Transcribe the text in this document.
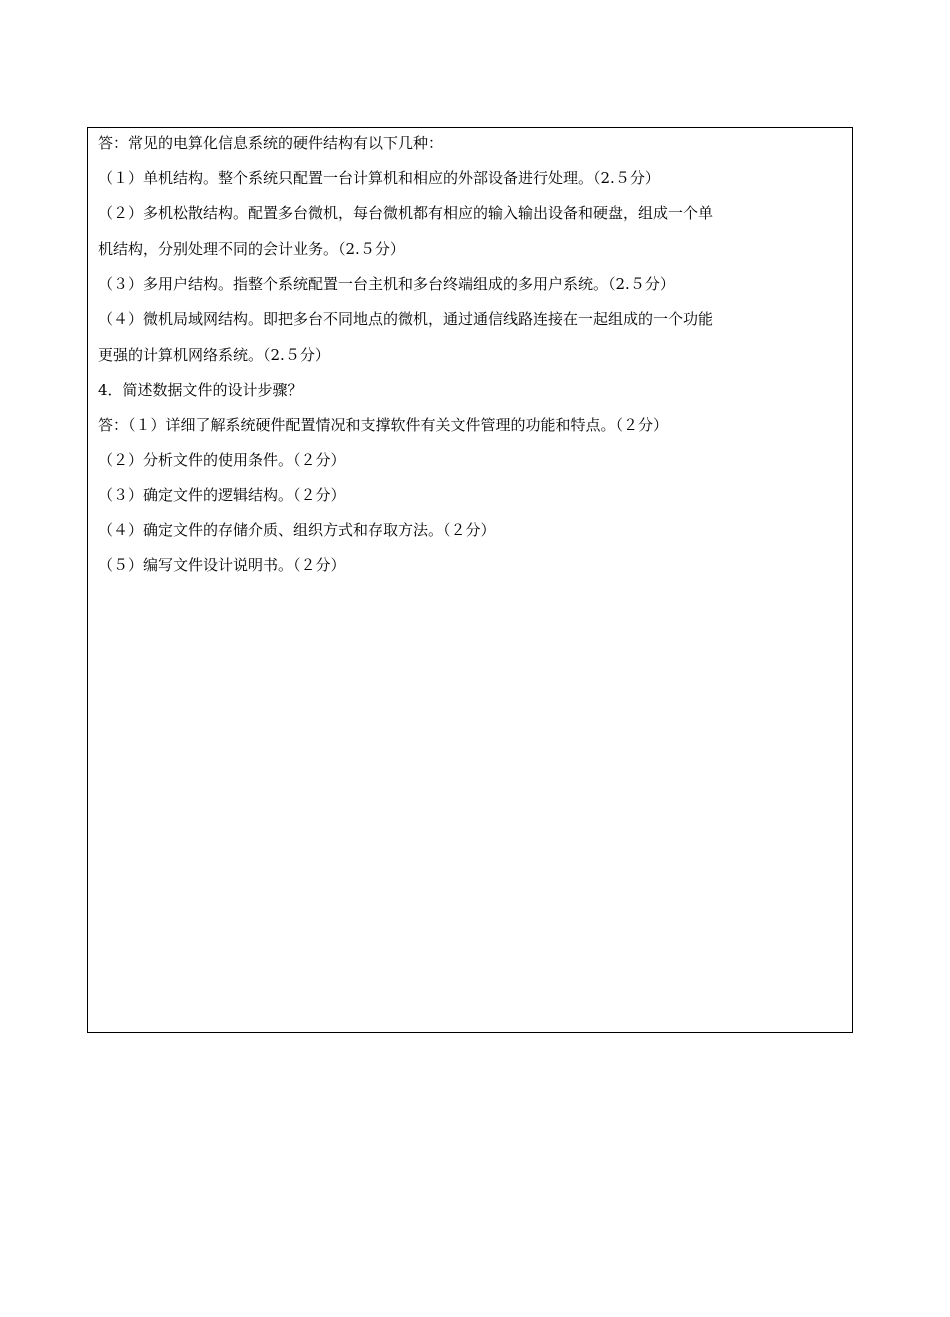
答：常见的电算化信息系统的硬件结构有以下几种：
（１）单机结构。整个系统只配置一台计算机和相应的外部设备进行处理。（2.５分）
（２）多机松散结构。配置多台微机，每台微机都有相应的输入输出设备和硬盘，组成一个单
机结构，分别处理不同的会计业务。（2.５分）
（３）多用户结构。指整个系统配置一台主机和多台终端组成的多用户系统。（2.５分）
（４）微机局域网结构。即把多台不同地点的微机，通过通信线路连接在一起组成的一个功能
更强的计算机网络系统。（2.５分）
4．简述数据文件的设计步骤？
答：（１）详细了解系统硬件配置情况和支撑软件有关文件管理的功能和特点。（２分）
（２）分析文件的使用条件。（２分）
（３）确定文件的逻辑结构。（２分）
（４）确定文件的存储介质、组织方式和存取方法。（２分）
（５）编写文件设计说明书。（２分）
